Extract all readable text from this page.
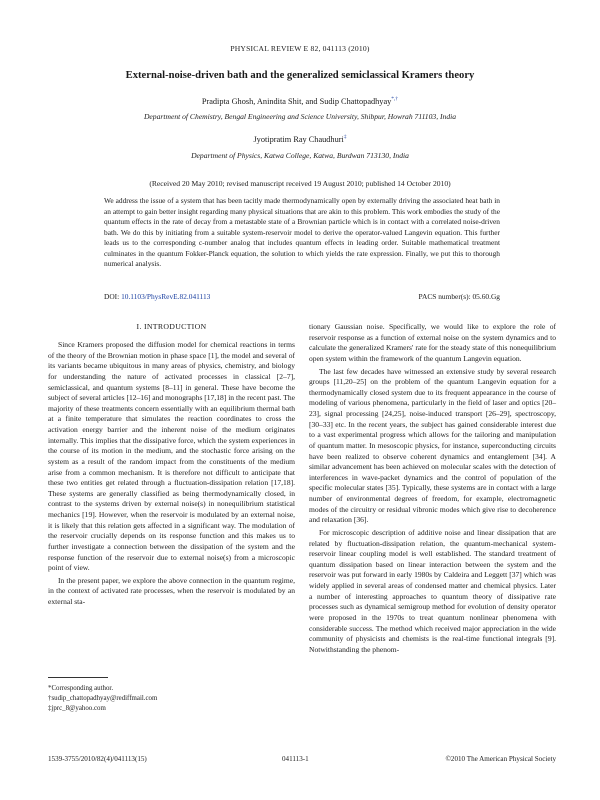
PHYSICAL REVIEW E 82, 041113 (2010)
External-noise-driven bath and the generalized semiclassical Kramers theory
Pradipta Ghosh, Anindita Shit, and Sudip Chattopadhyay*,†
Department of Chemistry, Bengal Engineering and Science University, Shibpur, Howrah 711103, India
Jyotipratim Ray Chaudhuri‡
Department of Physics, Katwa College, Katwa, Burdwan 713130, India
(Received 20 May 2010; revised manuscript received 19 August 2010; published 14 October 2010)
We address the issue of a system that has been tacitly made thermodynamically open by externally driving the associated heat bath in an attempt to gain better insight regarding many physical situations that are akin to this problem. This work embodies the study of the quantum effects in the rate of decay from a metastable state of a Brownian particle which is in contact with a correlated noise-driven bath. We do this by initiating from a suitable system-reservoir model to derive the operator-valued Langevin equation. This further leads us to the corresponding c-number analog that includes quantum effects in leading order. Suitable mathematical treatment culminates in the quantum Fokker-Planck equation, the solution to which yields the rate expression. Finally, we put this to thorough numerical analysis.
DOI: 10.1103/PhysRevE.82.041113	PACS number(s): 05.60.Gg
I. INTRODUCTION

Since Kramers proposed the diffusion model for chemical reactions in terms of the theory of the Brownian motion in phase space [1], the model and several of its variants became ubiquitous in many areas of physics, chemistry, and biology for understanding the nature of activated processes in classical [2–7], semiclassical, and quantum systems [8–11] in general. These have become the subject of several articles [12–16] and monographs [17,18] in the recent past. The majority of these treatments concern essentially with an equilibrium thermal bath at a finite temperature that simulates the reaction coordinates to cross the activation energy barrier and the inherent noise of the medium originates internally. This implies that the dissipative force, which the system experiences in the course of its motion in the medium, and the stochastic force arising on the system as a result of the random impact from the constituents of the medium arise from a common mechanism. It is therefore not difficult to anticipate that these two entities get related through a fluctuation-dissipation relation [17,18]. These systems are generally classified as being thermodynamically closed, in contrast to the systems driven by external noise(s) in nonequilibrium statistical mechanics [19]. However, when the reservoir is modulated by an external noise, it is likely that this relation gets affected in a significant way. The modulation of the reservoir crucially depends on its response function and this makes us to further investigate a connection between the dissipation of the system and the response function of the reservoir due to external noise(s) from a microscopic point of view.

In the present paper, we explore the above connection in the quantum regime, in the context of activated rate processes, when the reservoir is modulated by an external sta-

tionary Gaussian noise. Specifically, we would like to explore the role of reservoir response as a function of external noise on the system dynamics and to calculate the generalized Kramers' rate for the steady state of this nonequilibrium open system within the framework of the quantum Langevin equation.

The last few decades have witnessed an extensive study by several research groups [11,20–25] on the problem of the quantum Langevin equation for a thermodynamically closed system due to its frequent appearance in the course of modeling of various phenomena, particularly in the field of laser and optics [20–23], signal processing [24,25], noise-induced transport [26–29], spectroscopy, [30–33] etc. In the recent years, the subject has gained considerable interest due to a vast experimental progress which allows for the tailoring and manipulation of quantum matter. In mesoscopic physics, for instance, superconducting circuits have been realized to observe coherent dynamics and entanglement [34]. A similar advancement has been achieved on molecular scales with the detection of interferences in wave-packet dynamics and the control of population of the specific molecular states [35]. Typically, these systems are in contact with a large number of environmental degrees of freedom, for example, electromagnetic modes of the circuitry or residual vibronic modes which give rise to decoherence and relaxation [36].

For microscopic description of additive noise and linear dissipation that are related by fluctuation-dissipation relation, the quantum-mechanical system-reservoir linear coupling model is well established. The standard treatment of quantum dissipation based on linear interaction between the system and the reservoir was put forward in early 1980s by Caldeira and Leggett [37] which was widely applied in several areas of condensed matter and chemical physics. Later a number of interesting approaches to quantum theory of dissipative rate processes such as dynamical semigroup method for evolution of density operator were proposed in the 1970s to treat quantum nonlinear phenomena with considerable success. The method which received major appreciation in the wide community of physicists and chemists is the real-time functional integrals [9]. Notwithstanding the phenom-

*Corresponding author.
†sudip_chattopadhyay@rediffmail.com
‡jprc_8@yahoo.com
1539-3755/2010/82(4)/041113(15)	041113-1	©2010 The American Physical Society
